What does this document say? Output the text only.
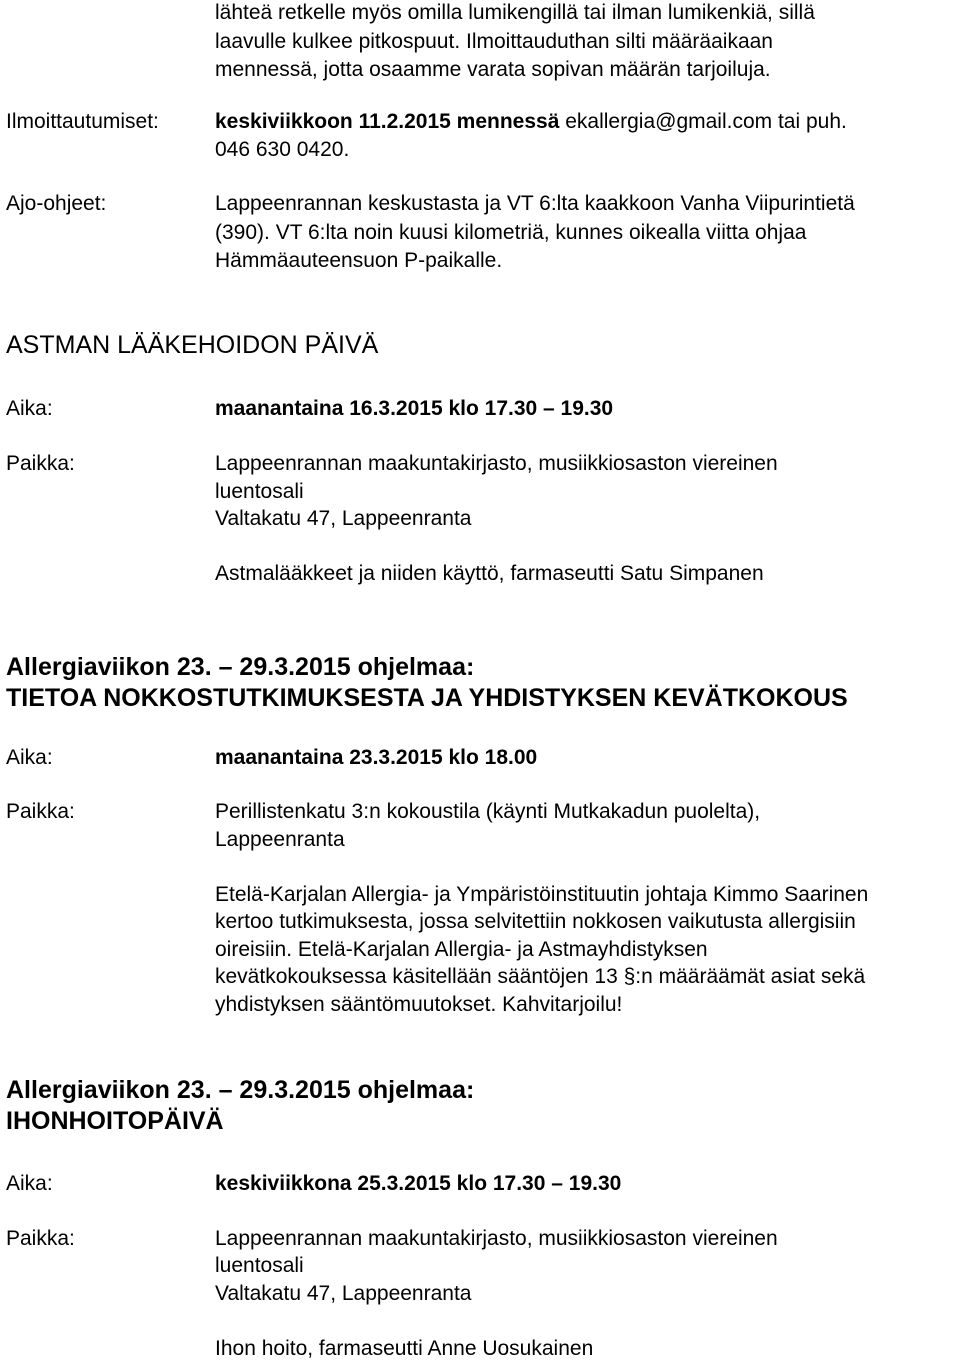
lähteä retkelle myös omilla lumikengillä tai ilman lumikenkiä, sillä
laavulle kulkee pitkospuut. Ilmoittauduthan silti määräaikaan
mennessä, jotta osaamme varata sopivan määrän tarjoiluja.
Ilmoittautumiset:	keskiviikkoon 11.2.2015 mennessä ekallergia@gmail.com tai puh.
046 630 0420.
Ajo-ohjeet:	Lappeenrannan keskustasta ja VT 6:lta kaakkoon Vanha Viipurintietä
(390). VT 6:lta noin kuusi kilometriä, kunnes oikealla viitta ohjaa
Hämmäauteensuon P-paikalle.
ASTMAN LÄÄKEHOIDON PÄIVÄ
Aika:	maanantaina 16.3.2015 klo 17.30 – 19.30
Paikka:	Lappeenrannan maakuntakirjasto, musiikkiosaston viereinen
luentosali
Valtakatu 47, Lappeenranta
Astmalääkkeet ja niiden käyttö, farmaseutti Satu Simpanen
Allergiaviikon 23. – 29.3.2015 ohjelmaa:
TIETOA NOKKOSTUTKIMUKSESTA JA YHDISTYKSEN KEVÄTKOKOUS
Aika:	maanantaina 23.3.2015 klo 18.00
Paikka:	Perillistenkatu 3:n kokoustila (käynti Mutkakadun puolelta),
Lappeenranta
Etelä-Karjalan Allergia- ja Ympäristöinstituutin johtaja Kimmo Saarinen
kertoo tutkimuksesta, jossa selvitettiin nokkosen vaikutusta allergisiin
oireisiin. Etelä-Karjalan Allergia- ja Astmayhdistyksen
kevätkokouksessa käsitellään sääntöjen 13 §:n määräämät asiat sekä
yhdistyksen sääntömuutokset. Kahvitarjoilu!
Allergiaviikon 23. – 29.3.2015 ohjelmaa:
IHONHOITOPÄIVÄ
Aika:	keskiviikkona 25.3.2015 klo 17.30 – 19.30
Paikka:	Lappeenrannan maakuntakirjasto, musiikkiosaston viereinen
luentosali
Valtakatu 47, Lappeenranta
Ihon hoito, farmaseutti Anne Uosukainen
